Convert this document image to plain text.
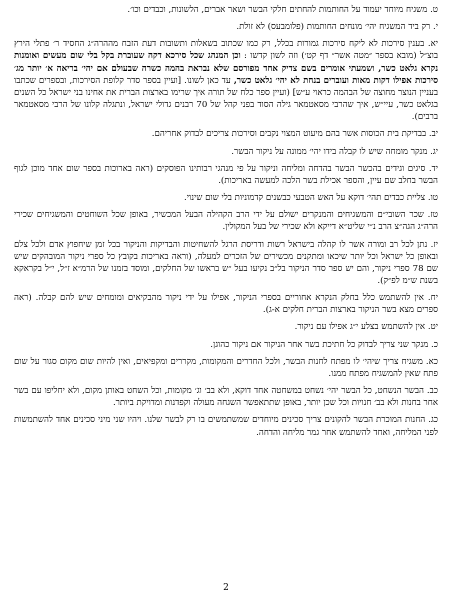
ט. משגיח מיוחד יעמוד על החותמות להחתים חלקי הבשר ושאר אברים, הלשונות, וכבדים וכו׳.
י. רק ביד המשגיח יהי׳ מונחים החותמות (פלומבעס) לא זולת.
יא. בענין סירכות לא ליקח סירכות גמורות בכלל, רק כמו שכתוב בשאלות ותשובות דעת הזבח מההרה״ג החסיד ר׳ פתלי הירץ בוצ״ל (מובא בספר ״מטה אשר״ דף קט׳) וזה לשון קדשו : וכן המנהג שכל סירכא דקה שעוברת בקל בלי שום מעשים ואומנות נקרא גלאט כשר, ושמעתי אומרים בשם צדיק אחד מפורסם שלא נבראת בהמה כשרה שבעולם אם יהי׳ בריאה א׳ יותר מג׳ סירכות אפילו דקות מאות ועוברים בנחת לא יהי׳ גלאט כשר, עד כאן לשונו. [ועיין בספר סדר קלופת הסירכות, ובספרים שכתבו בעניין הנוצר מחוצה של הבהמה כראוי ע״ש] (ועיין ספר כלח של תורה איך שרימו בארצות הברית את אחינו בני ישראל כל השנים בגלאט כשר, עיי״ש, איך שהרבי מסאטמאר גילה הסוד בפני קהל של 70 רבנים גדולי ישראל, ונתגלה קלונו של הרבי מסאטמאר ברבים).
יב. בבדיקת בית הכוסות אשר בהם מיעוט המצוי נקבים וסירכות צריכים לבדוק אחריהם.
יג. מנקר מומחה שיש לו קבלה בידו יהי׳ ממונה על ניקור הבשר.
יד. סיגים וגידים בהכשר הבשר בהדחה ומליחה וניקור על פי מנהגי רבותינו הפוסקים (ראה בארוכות בספר שום אחד מוכן לגוף הבשר בחלב שם עיין, והספר אכילת בשר הלכה למעשה באריכות).
טו. צליית כבדים תהי׳ דוקא על האש הטבעי כבשנים קדמוניות בלי שום שינוי.
טז. שכר השובי״ם והמשגיחים והמנקרים ישולם על ידי הרב הקהילה הבעל המכשיר, באופן שכל השוחטים והמשגיחים שכירי הרה״ג הגה״צ הרב נ״י שליט״א דייקא ולא שכירי של בעל המקולין.
יז. נתן לכל רב ומורה אשר לו קהלה בישראל רשות ודריסת הרגל להשחיטות והבדיקות והניקור בכל זמן שיחפוץ אדם ולכל צלם ובאופן כל ישראל וכל יותר שיכאו ומתקנים מכשירים של הזכרים למעלה, (וראה באריכות בקובץ כל ספרי ניקור המובהקים שיש שם 78 ספרי ניקור, והם יש ספר סדר הניקור בל״ב נקיעו בעל ״ש בראשו של החלקים, ומוסד בזמנו של הרמ״א ז״ל, י״ל בקראקא בשנת ש״מ לפ״ק).
יח. אין להשתמש כלל בחלק הנקרא אחוריים בספרי הניקור, אפילו על ידי ניקור מהבקיאים ומומחים שיש להם קבלה. (ראה ספרים מצא בשר הניקור בארצות הברית חלקים א-ג).
יט. אין להשתמש בצלע י״ג אפילו עם ניקור.
כ. מנקר שני צריך לבדוק כל חתיכת בשר אחר הניקור אם ניקור כהוגן.
כא. משגיח צריך שיהי׳ לו מפתח לחנות הבשר, ולכל החדרים והמקומות, מקררים ומקפיאים, ואין להיות שום מקום סגור על שום פתח שאין להמשגיח מפתח ממנו.
כב. הבשר הנשחט, כל הבשר יהי׳ נשחט במשחטה אחד דוקא, ולא בב׳ וג׳ מקומות, וכל השחט באותן מקום, ולא יחליפו עם בשר אחר בחנות ולא בב׳ חנויות וכל שכן יותר, באופן שתתאפשר השגחה מעולה וקפדנות ומדויקת ביותר.
כג. החנות המוכרת הבשר להקונים צריך סכינים מיוחדים שמשתמשים בו רק לבשר שלנו. ויהיו שני מיני סכינים אחד להשתמשות לפני המליחה, ואחד להשתמש אחר גמר מליחה והדחה.
2
